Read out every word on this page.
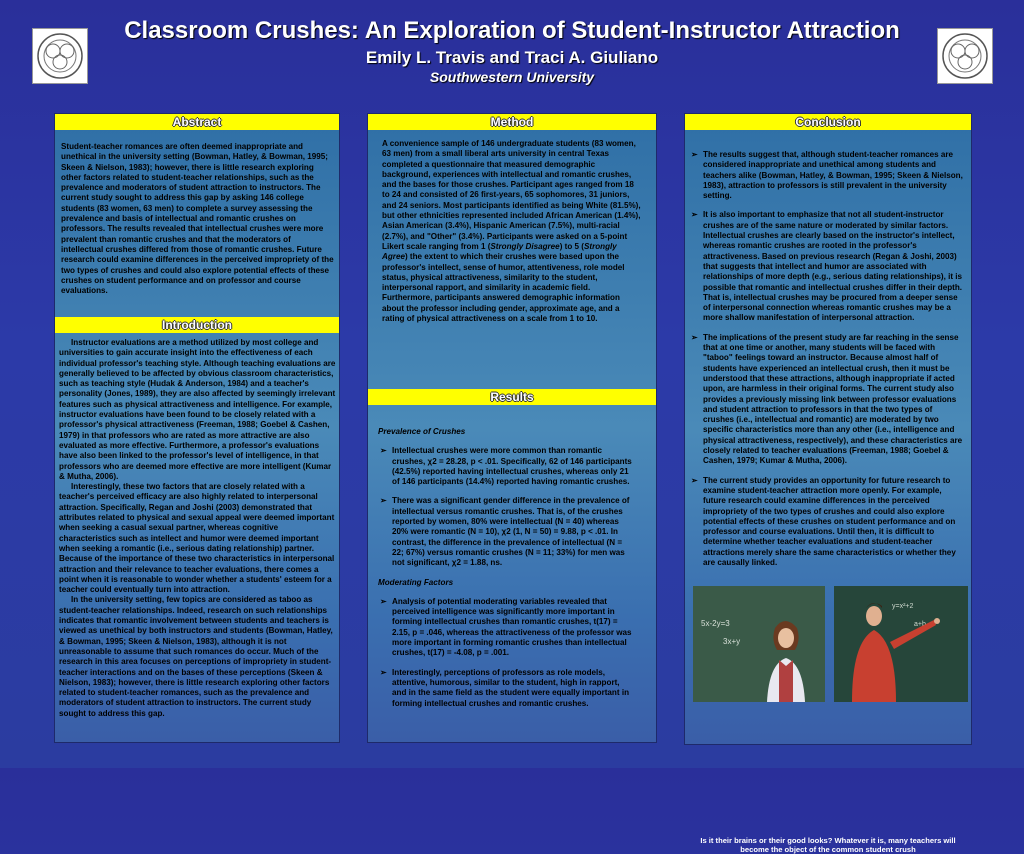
Classroom Crushes: An Exploration of Student-Instructor Attraction
Emily L. Travis and Traci A. Giuliano
Southwestern University
Abstract

Student-teacher romances are often deemed inappropriate and unethical in the university setting (Bowman, Hatley, & Bowman, 1995; Skeen & Nielson, 1983); however, there is little research exploring other factors related to student-teacher relationships, such as the prevalence and moderators of student attraction to instructors. The current study sought to address this gap by asking 146 college students (83 women, 63 men) to complete a survey assessing the prevalence and basis of intellectual and romantic crushes on professors. The results revealed that intellectual crushes were more prevalent than romantic crushes and that the moderators of intellectual crushes differed from those of romantic crushes. Future research could examine differences in the perceived impropriety of the two types of crushes and could also explore potential effects of these crushes on student performance and on professor and course evaluations.

Introduction

Instructor evaluations are a method utilized by most college and universities to gain accurate insight into the effectiveness of each individual professor's teaching style. Although teaching evaluations are generally believed to be affected by obvious classroom characteristics, such as teaching style (Hudak & Anderson, 1984) and a teacher's personality (Jones, 1989), they are also affected by seemingly irrelevant features such as physical attractiveness and intelligence. For example, instructor evaluations have been found to be closely related with a professor's physical attractiveness (Freeman, 1988; Goebel & Cashen, 1979) in that professors who are rated as more attractive are also evaluated as more effective. Furthermore, a professor's evaluations have also been linked to the professor's level of intelligence, in that professors who are deemed more effective are more intelligent (Kumar & Mutha, 2006).

Interestingly, these two factors that are closely related with a teacher's perceived efficacy are also highly related to interpersonal attraction. Specifically, Regan and Joshi (2003) demonstrated that attributes related to physical and sexual appeal were deemed important when seeking a casual sexual partner, whereas cognitive characteristics such as intellect and humor were deemed important when seeking a romantic (i.e., serious dating relationship) partner. Because of the importance of these two characteristics in interpersonal attraction and their relevance to teacher evaluations, there comes a point when it is reasonable to wonder whether a students' esteem for a teacher could eventually turn into attraction.

In the university setting, few topics are considered as taboo as student-teacher relationships. Indeed, research on such relationships indicates that romantic involvement between students and teachers is viewed as unethical by both instructors and students (Bowman, Hatley, & Bowman, 1995; Skeen & Nielson, 1983), although it is not unreasonable to assume that such romances do occur. Much of the research in this area focuses on perceptions of impropriety in student-teacher interactions and on the bases of these perceptions (Skeen & Nielson, 1983); however, there is little research exploring other factors related to student-teacher romances, such as the prevalence and moderators of student attraction to instructors. The current study sought to address this gap.

Method

A convenience sample of 146 undergraduate students (83 women, 63 men) from a small liberal arts university in central Texas completed a questionnaire that measured demographic background, experiences with intellectual and romantic crushes, and the bases for those crushes. Participant ages ranged from 18 to 24 and consisted of 26 first-years, 65 sophomores, 31 juniors, and 24 seniors. Most participants identified as being White (81.5%), but other ethnicities represented included African American (1.4%), Asian American (3.4%), Hispanic American (7.5%), multi-racial (2.7%), and "Other" (3.4%). Participants were asked on a 5-point Likert scale ranging from 1 (Strongly Disagree) to 5 (Strongly Agree) the extent to which their crushes were based upon the professor's intellect, sense of humor, attentiveness, role model status, physical attractiveness, similarity to the student, interpersonal rapport, and similarity in academic field. Furthermore, participants answered demographic information about the professor including gender, approximate age, and a rating of physical attractiveness on a scale from 1 to 10.

Results

Prevalence of Crushes

➢ Intellectual crushes were more common than romantic crushes, χ2 = 28.28, p < .01. Specifically, 62 of 146 participants (42.5%) reported having intellectual crushes, whereas only 21 of 146 participants (14.4%) reported having romantic crushes.
➢ There was a significant gender difference in the prevalence of intellectual versus romantic crushes. That is, of the crushes reported by women, 80% were intellectual (N = 40) whereas 20% were romantic (N = 10), χ2 (1, N = 50) = 9.88, p < .01. In contrast, the difference in the prevalence of intellectual (N = 22; 67%) versus romantic crushes (N = 11; 33%) for men was not significant, χ2 = 1.88, ns.

Moderating Factors

➢ Analysis of potential moderating variables revealed that perceived intelligence was significantly more important in forming intellectual crushes than romantic crushes, t(17) = 2.15, p = .046, whereas the attractiveness of the professor was more important in forming romantic crushes than intellectual crushes, t(17) = -4.08, p = .001.
➢ Interestingly, perceptions of professors as role models, attentive, humorous, similar to the student, high in rapport, and in the same field as the student were equally important in forming intellectual crushes and romantic crushes.
Conclusion
➢ The results suggest that, although student-teacher romances are considered inappropriate and unethical among students and teachers alike (Bowman, Hatley, & Bowman, 1995; Skeen & Nielson, 1983), attraction to professors is still prevalent in the university setting.
➢ It is also important to emphasize that not all student-instructor crushes are of the same nature or moderated by similar factors. Intellectual crushes are clearly based on the instructor's intellect, whereas romantic crushes are rooted in the professor's attractiveness. Based on previous research (Regan & Joshi, 2003) that suggests that intellect and humor are associated with relationships of more depth (e.g., serious dating relationships), it is possible that romantic and intellectual crushes differ in their depth. That is, intellectual crushes may be procured from a deeper sense of interpersonal connection whereas romantic crushes may be a more shallow manifestation of interpersonal attraction.
➢ The implications of the present study are far reaching in the sense that at one time or another, many students will be faced with "taboo" feelings toward an instructor. Because almost half of students have experienced an intellectual crush, then it must be understood that these attractions, although inappropriate if acted upon, are harmless in their original forms. The current study also provides a previously missing link between professor evaluations and student attraction to professors in that the two types of crushes (i.e., intellectual and romantic) are moderated by two specific characteristics more than any other (i.e., intelligence and physical attractiveness, respectively), and these characteristics are closely related to teacher evaluations (Freeman, 1988; Goebel & Cashen, 1979; Kumar & Mutha, 2006).
➢ The current study provides an opportunity for future research to examine student-teacher attraction more openly. For example, future research could examine differences in the perceived impropriety of the two types of crushes and could also explore potential effects of these crushes on student performance and on professor and course evaluations. Until then, it is difficult to determine whether teacher evaluations and student-teacher attractions merely share the same characteristics or whether they are causally linked.
5x-2y=3
3x+y
y=x²+2
a+b
Is it their brains or their good looks? Whatever it is, many teachers will become the object of the common student crush
